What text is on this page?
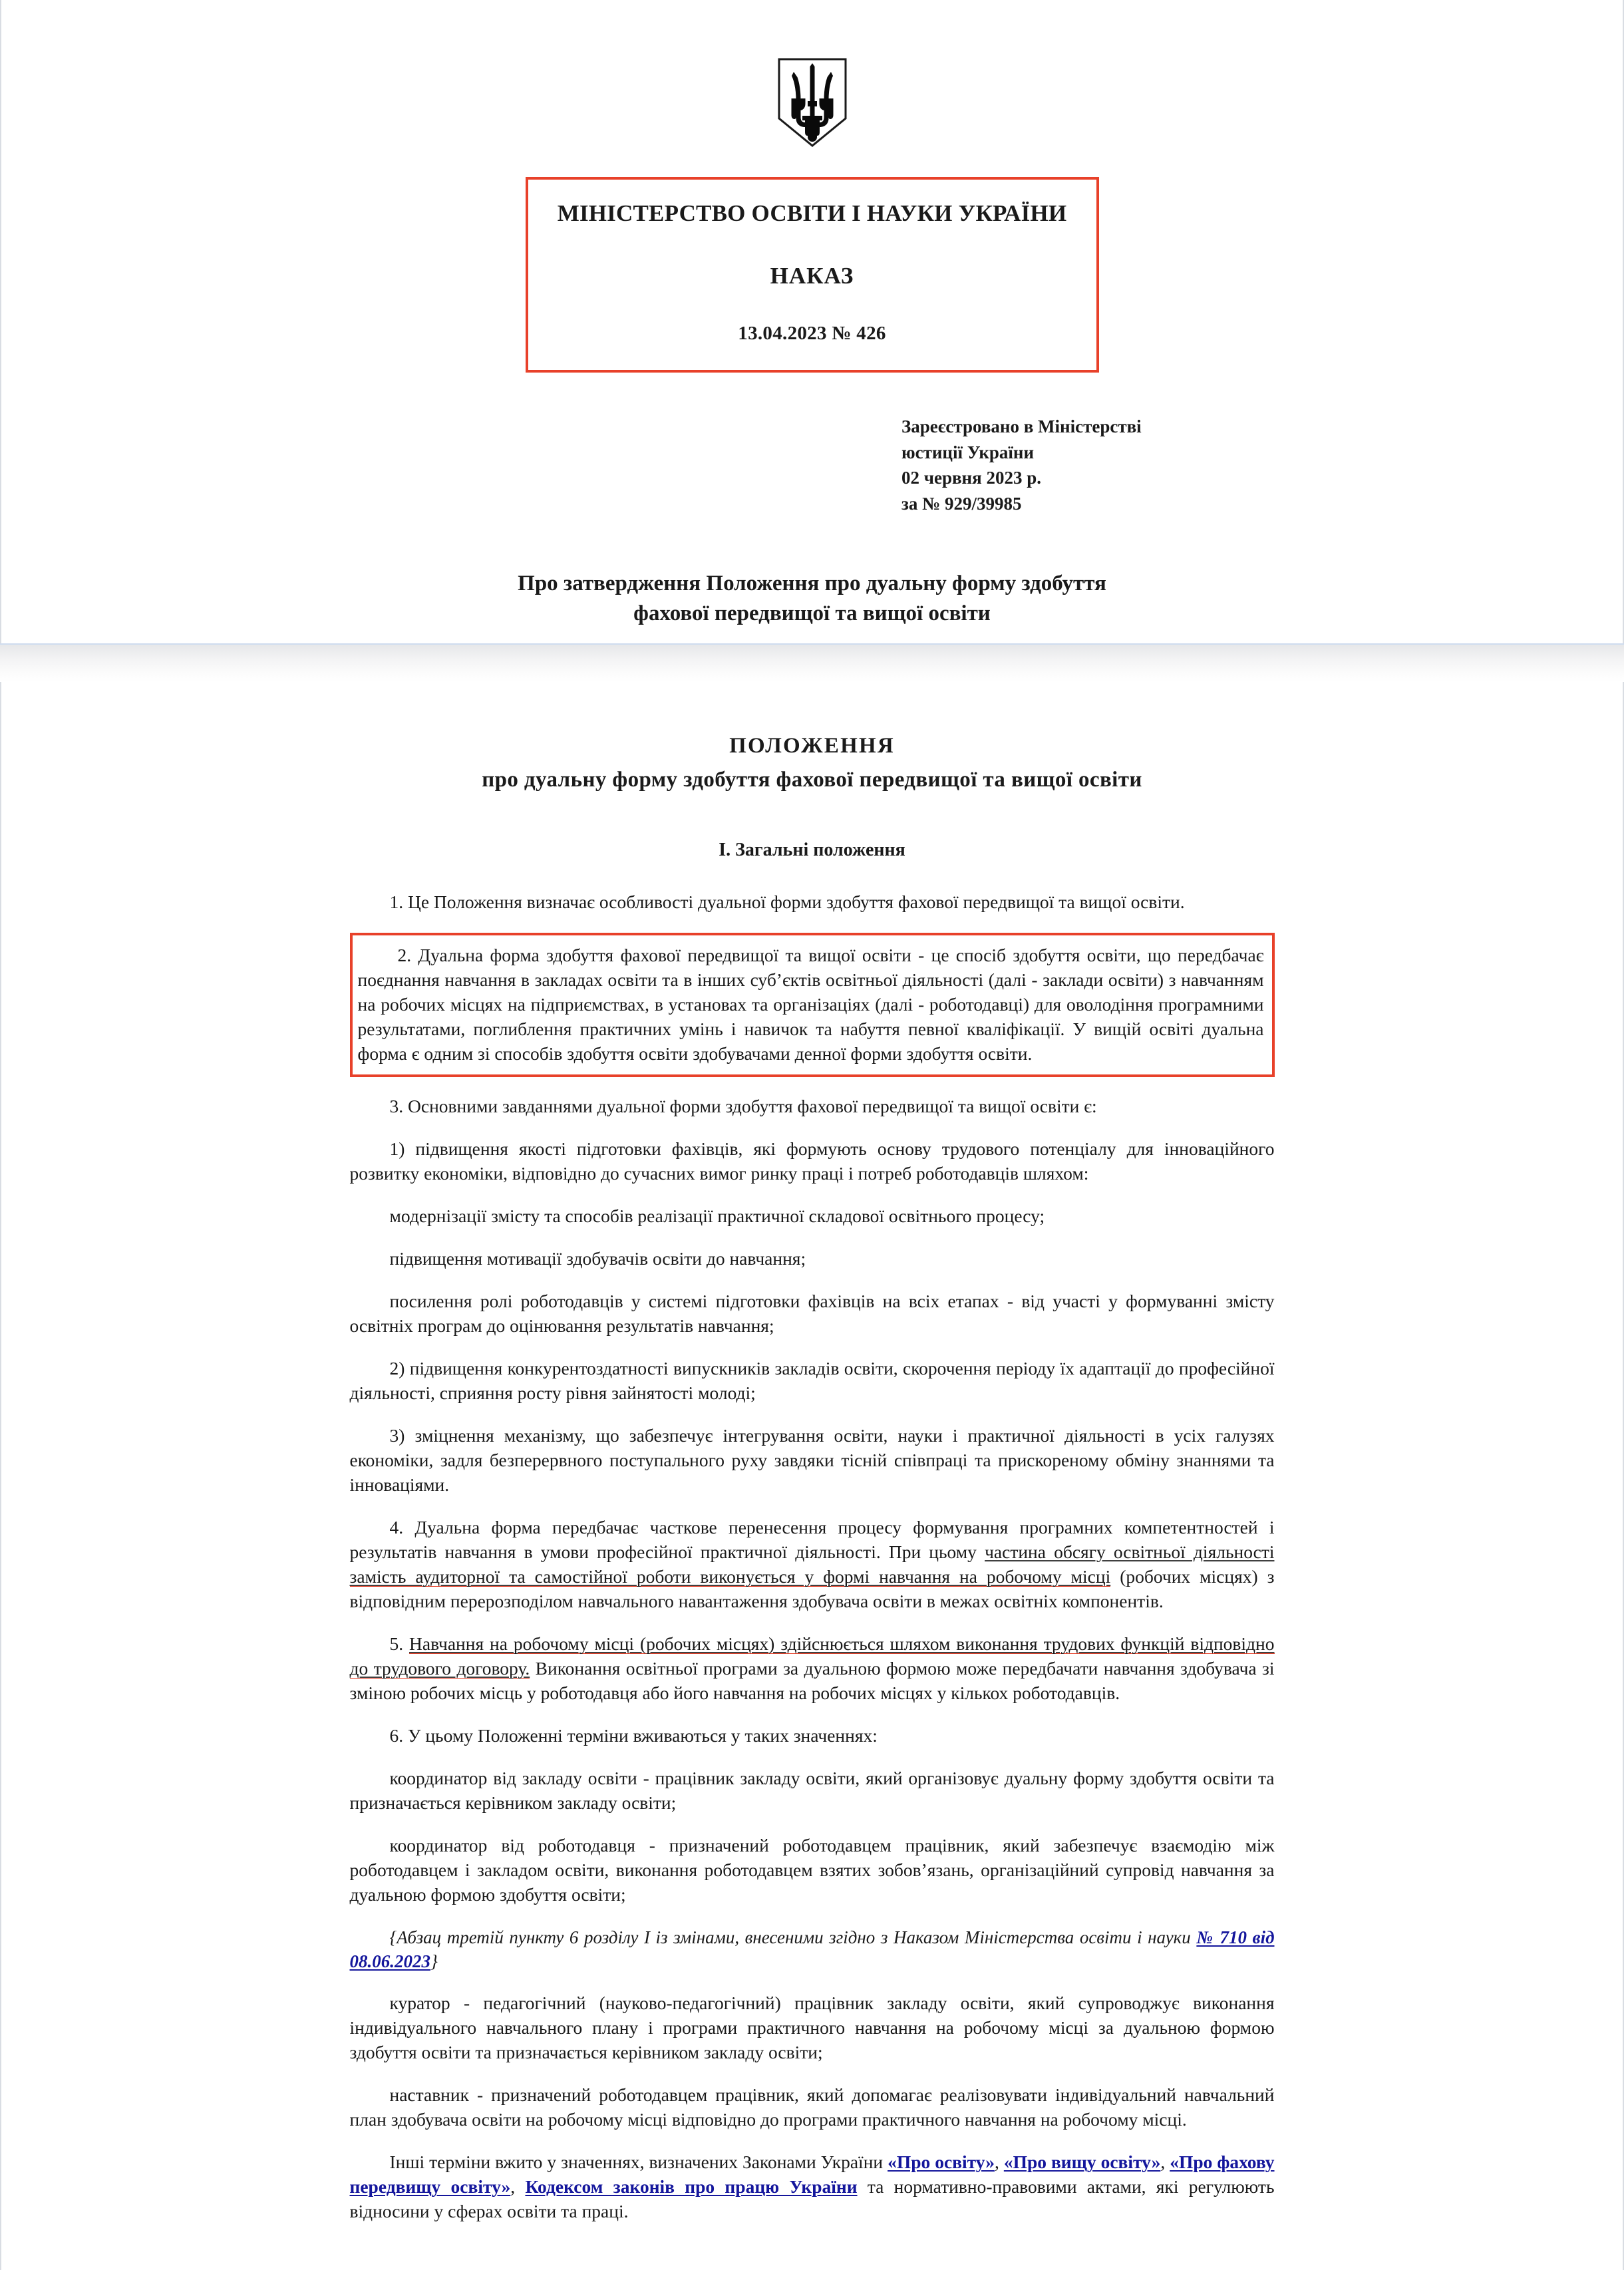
МІНІСТЕРСТВО ОСВІТИ І НАУКИ УКРАЇНИ
НАКАЗ
13.04.2023 № 426
Зареєстровано в Міністерстві
юстиції України
02 червня 2023 р.
за № 929/39985
Про затвердження Положення про дуальну форму здобуття
фахової передвищої та вищої освіти
ПОЛОЖЕННЯ
про дуальну форму здобуття фахової передвищої та вищої освіти
I. Загальні положення

1. Це Положення визначає особливості дуальної форми здобуття фахової передвищої та вищої освіти.

2. Дуальна форма здобуття фахової передвищої та вищої освіти - це спосіб здобуття освіти, що передбачає поєднання навчання в закладах освіти та в інших суб’єктів освітньої діяльності (далі - заклади освіти) з навчанням на робочих місцях на підприємствах, в установах та організаціях (далі - роботодавці) для оволодіння програмними результатами, поглиблення практичних умінь і навичок та набуття певної кваліфікації. У вищій освіті дуальна форма є одним зі способів здобуття освіти здобувачами денної форми здобуття освіти.

3. Основними завданнями дуальної форми здобуття фахової передвищої та вищої освіти є:

1) підвищення якості підготовки фахівців, які формують основу трудового потенціалу для інноваційного розвитку економіки, відповідно до сучасних вимог ринку праці і потреб роботодавців шляхом:

модернізації змісту та способів реалізації практичної складової освітнього процесу;

підвищення мотивації здобувачів освіти до навчання;

посилення ролі роботодавців у системі підготовки фахівців на всіх етапах - від участі у формуванні змісту освітніх програм до оцінювання результатів навчання;

2) підвищення конкурентоздатності випускників закладів освіти, скорочення періоду їх адаптації до професійної діяльності, сприяння росту рівня зайнятості молоді;

3) зміцнення механізму, що забезпечує інтегрування освіти, науки і практичної діяльності в усіх галузях економіки, задля безперервного поступального руху завдяки тісній співпраці та прискореному обміну знаннями та інноваціями.

4. Дуальна форма передбачає часткове перенесення процесу формування програмних компетентностей і результатів навчання в умови професійної практичної діяльності. При цьому частина обсягу освітньої діяльності замість аудиторної та самостійної роботи виконується у формі навчання на робочому місці (робочих місцях) з відповідним перерозподілом навчального навантаження здобувача освіти в межах освітніх компонентів.

5. Навчання на робочому місці (робочих місцях) здійснюється шляхом виконання трудових функцій відповідно до трудового договору. Виконання освітньої програми за дуальною формою може передбачати навчання здобувача зі зміною робочих місць у роботодавця або його навчання на робочих місцях у кількох роботодавців.

6. У цьому Положенні терміни вживаються у таких значеннях:

координатор від закладу освіти - працівник закладу освіти, який організовує дуальну форму здобуття освіти та призначається керівником закладу освіти;

координатор від роботодавця - призначений роботодавцем працівник, який забезпечує взаємодію між роботодавцем і закладом освіти, виконання роботодавцем взятих зобов’язань, організаційний супровід навчання за дуальною формою здобуття освіти;

{Абзац третій пункту 6 розділу I із змінами, внесеними згідно з Наказом Міністерства освіти і науки № 710 від 08.06.2023}

куратор - педагогічний (науково-педагогічний) працівник закладу освіти, який супроводжує виконання індивідуального навчального плану і програми практичного навчання на робочому місці за дуальною формою здобуття освіти та призначається керівником закладу освіти;

наставник - призначений роботодавцем працівник, який допомагає реалізовувати індивідуальний навчальний план здобувача освіти на робочому місці відповідно до програми практичного навчання на робочому місці.

Інші терміни вжито у значеннях, визначених Законами України «Про освіту», «Про вищу освіту», «Про фахову передвищу освіту», Кодексом законів про працю України та нормативно-правовими актами, які регулюють відносини у сферах освіти та праці.
